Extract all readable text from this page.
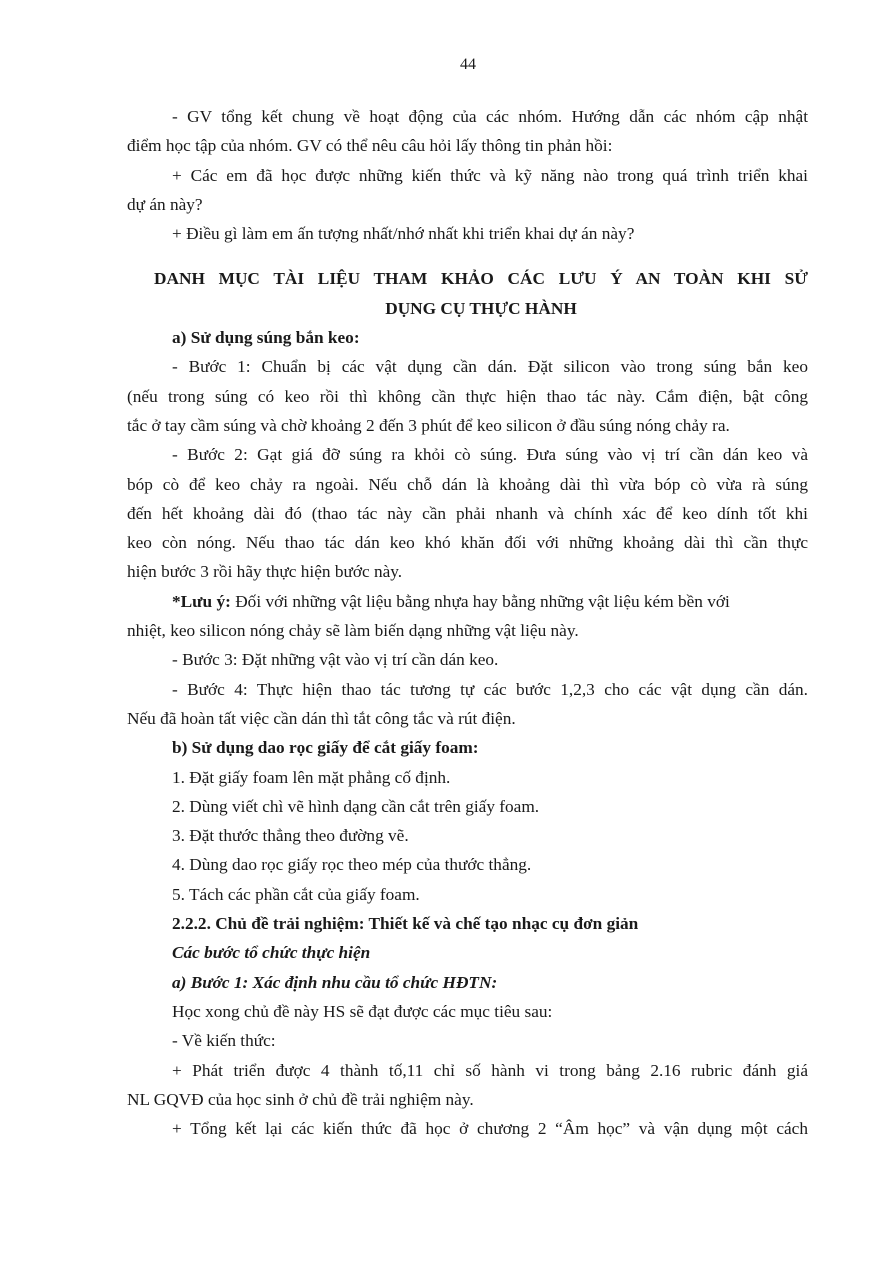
44
- GV tổng kết chung về hoạt động của các nhóm. Hướng dẫn các nhóm cập nhật
điểm học tập của nhóm. GV có thể nêu câu hỏi lấy thông tin phản hồi:
+ Các em đã học được những kiến thức và kỹ năng nào trong quá trình triển khai
dự án này?
+ Điều gì làm em ấn tượng nhất/nhớ nhất khi triển khai dự án này?
DANH MỤC TÀI LIỆU THAM KHẢO CÁC LƯU Ý AN TOÀN KHI SỬ
DỤNG CỤ THỰC HÀNH
a) Sử dụng súng bắn keo:
- Bước 1: Chuẩn bị các vật dụng cần dán. Đặt silicon vào trong súng bắn keo
(nếu trong súng có keo rồi thì không cần thực hiện thao tác này. Cắm điện, bật công
tắc ở tay cầm súng và chờ khoảng 2 đến 3 phút để keo silicon ở đầu súng nóng chảy ra.
- Bước 2: Gạt giá đỡ súng ra khỏi cò súng. Đưa súng vào vị trí cần dán keo và
bóp cò để keo chảy ra ngoài. Nếu chỗ dán là khoảng dài thì vừa bóp cò vừa rà súng
đến hết khoảng dài đó (thao tác này cần phải nhanh và chính xác để keo dính tốt khi
keo còn nóng. Nếu thao tác dán keo khó khăn đối với những khoảng dài thì cần thực
hiện bước 3 rồi hãy thực hiện bước này.
*Lưu ý: Đối với những vật liệu bằng nhựa hay bằng những vật liệu kém bền với
nhiệt, keo silicon nóng chảy sẽ làm biến dạng những vật liệu này.
- Bước 3: Đặt những vật vào vị trí cần dán keo.
- Bước 4: Thực hiện thao tác tương tự các bước 1,2,3 cho các vật dụng cần dán.
Nếu đã hoàn tất việc cần dán thì tắt công tắc và rút điện.
b) Sử dụng dao rọc giấy để cắt giấy foam:
1. Đặt giấy foam lên mặt phẳng cố định.
2. Dùng viết chì vẽ hình dạng cần cắt trên giấy foam.
3. Đặt thước thẳng theo đường vẽ.
4. Dùng dao rọc giấy rọc theo mép của thước thẳng.
5. Tách các phần cắt của giấy foam.
2.2.2. Chủ đề trải nghiệm: Thiết kế và chế tạo nhạc cụ đơn giản
Các bước tổ chức thực hiện
a) Bước 1: Xác định nhu cầu tổ chức HĐTN:
Học xong chủ đề này HS sẽ đạt được các mục tiêu sau:
- Về kiến thức:
+ Phát triển được 4 thành tố,11 chỉ số hành vi trong bảng 2.16 rubric đánh giá
NL GQVĐ của học sinh ở chủ đề trải nghiệm này.
+ Tổng kết lại các kiến thức đã học ở chương 2 “Âm học” và vận dụng một cách
